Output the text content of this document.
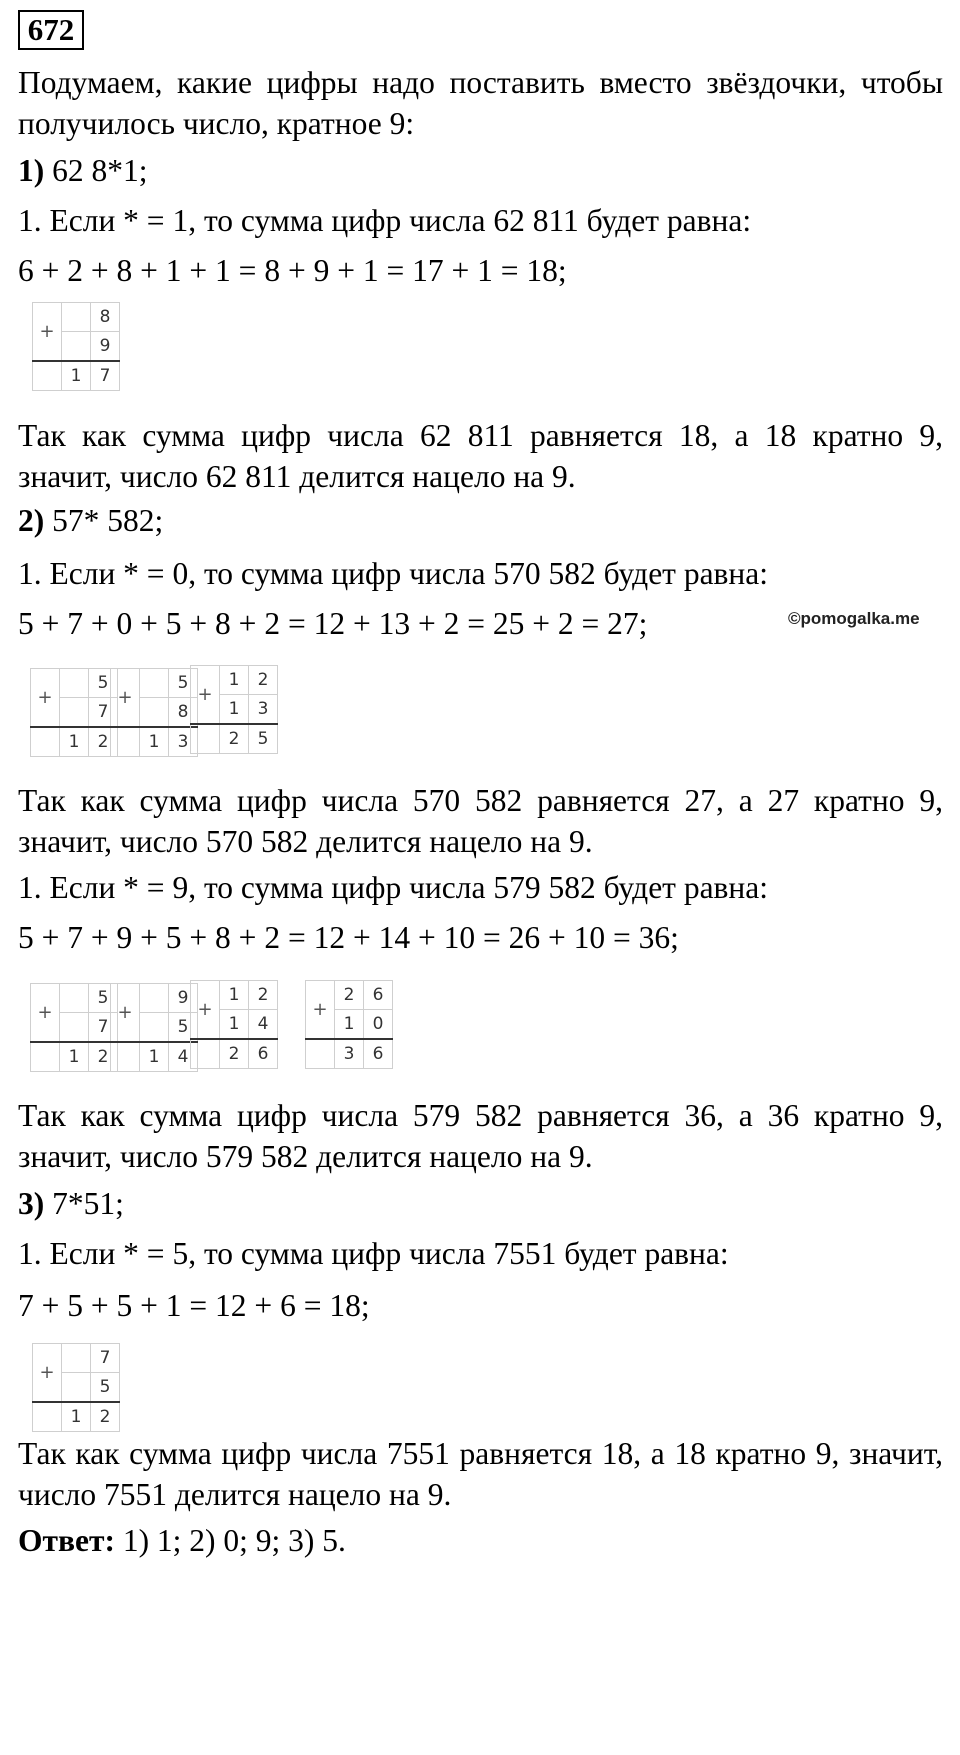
672

Подумаем, какие цифры надо поставить вместо звёздочки, чтобы получилось число, кратное 9:

1) 62 8*1;

1. Если * = 1, то сумма цифр числа 62 811 будет равна:

6 + 2 + 8 + 1 + 1 = 8 + 9 + 1 = 17 + 1 = 18;

+		8
		9
	1	7

Так как сумма цифр числа 62 811 равняется 18, а 18 кратно 9, значит, число 62 811 делится нацело на 9.

2) 57* 582;

©pomogalka.me

1. Если * = 0, то сумма цифр числа 570 582 будет равна:

5 + 7 + 0 + 5 + 8 + 2 = 12 + 13 + 2 = 25 + 2 = 27;

+		5
		7
	1	2
+		5
		8
	1	3
+	1	2
	1	3
	2	5

Так как сумма цифр числа 570 582 равняется 27, а 27 кратно 9, значит, число 570 582 делится нацело на 9.

1. Если * = 9, то сумма цифр числа 579 582 будет равна:

5 + 7 + 9 + 5 + 8 + 2 = 12 + 14 + 10 = 26 + 10 = 36;

+		5
		7
	1	2
+		9
		5
	1	4
+	1	2
	1	4
	2	6
+	2	6
	1	0
	3	6

Так как сумма цифр числа 579 582 равняется 36, а 36 кратно 9, значит, число 579 582 делится нацело на 9.

3) 7*51;

1. Если * = 5, то сумма цифр числа 7551 будет равна:

7 + 5 + 5 + 1 = 12 + 6 = 18;

+		7
		5
	1	2

Так как сумма цифр числа 7551 равняется 18, а 18 кратно 9, значит, число 7551 делится нацело на 9.

Ответ: 1) 1; 2) 0; 9; 3) 5.
